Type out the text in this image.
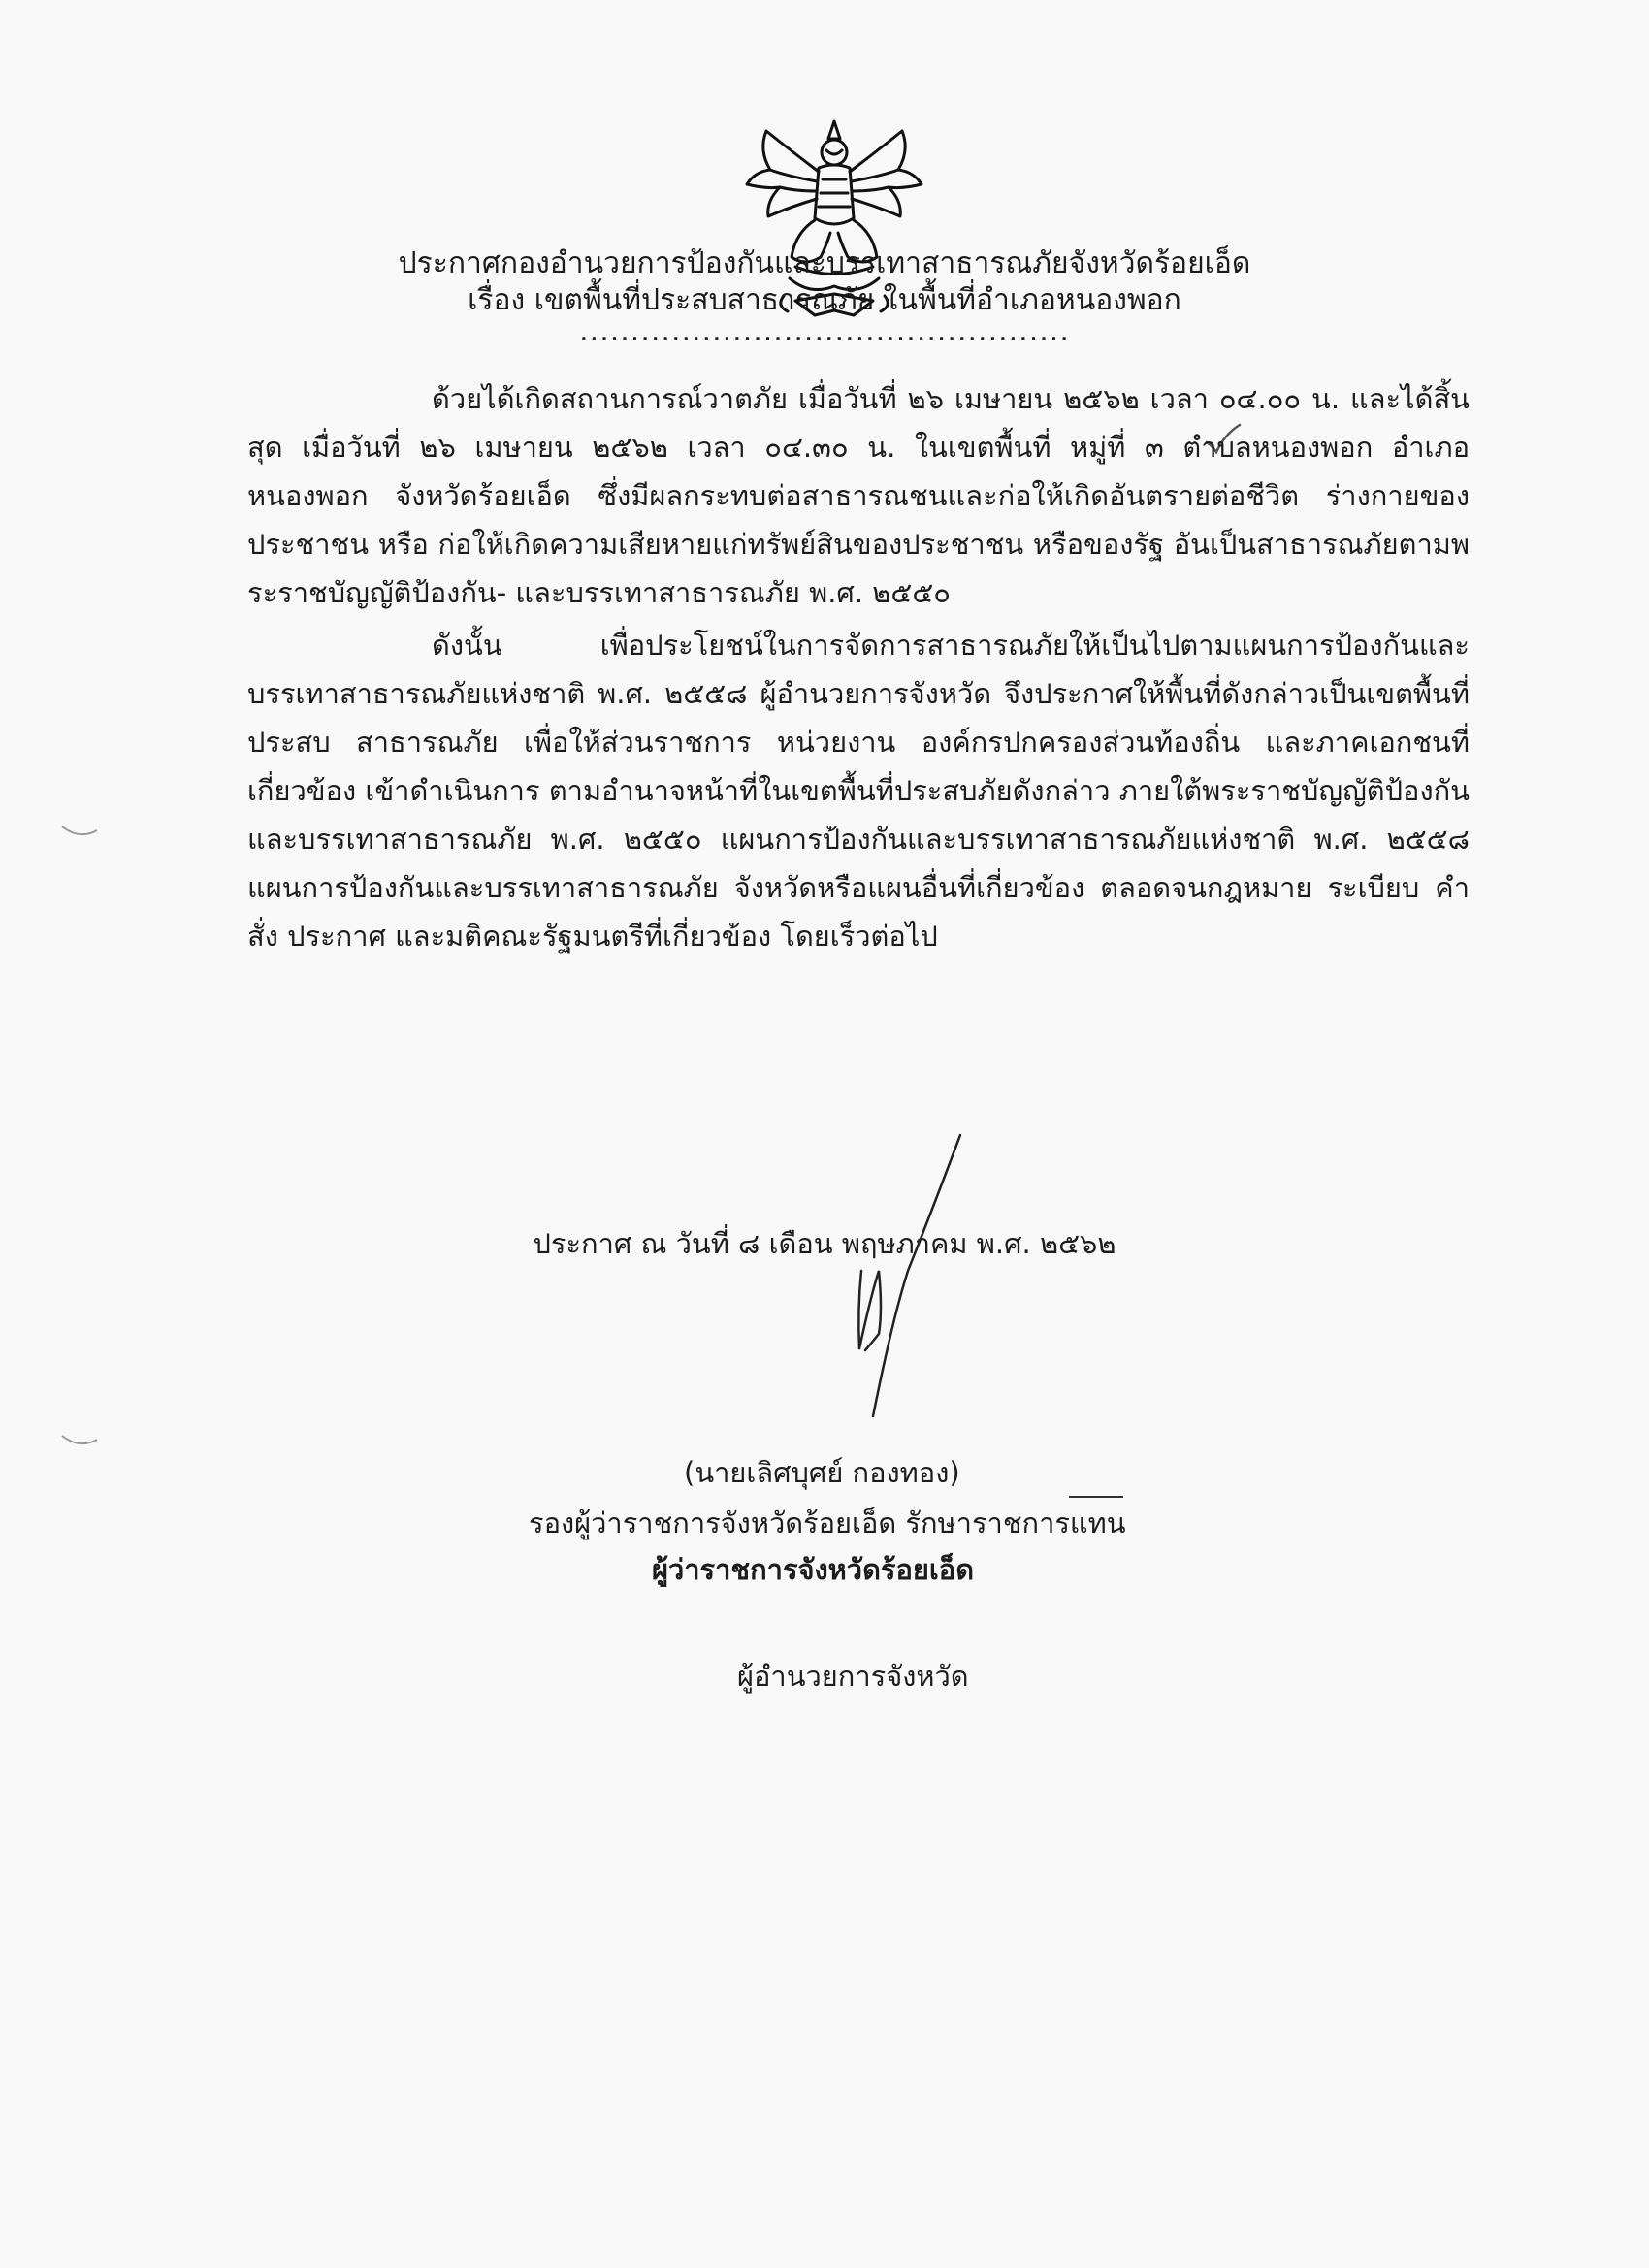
ประกาศกองอำนวยการป้องกันและบรรเทาสาธารณภัยจังหวัดร้อยเอ็ด
เรื่อง เขตพื้นที่ประสบสาธารณภัย ในพื้นที่อำเภอหนองพอก
................................................
ด้วยได้เกิดสถานการณ์วาตภัย เมื่อวันที่ ๒๖ เมษายน ๒๕๖๒ เวลา ๐๔.๐๐ น. และได้สิ้นสุด เมื่อวันที่ ๒๖ เมษายน ๒๕๖๒ เวลา ๐๔.๓๐ น. ในเขตพื้นที่ หมู่ที่ ๓ ตำบลหนองพอก อำเภอหนองพอก จังหวัดร้อยเอ็ด ซึ่งมีผลกระทบต่อสาธารณชนและก่อให้เกิดอันตรายต่อชีวิต ร่างกายของประชาชน หรือ ก่อให้เกิดความเสียหายแก่ทรัพย์สินของประชาชน หรือของรัฐ อันเป็นสาธารณภัยตามพระราชบัญญัติป้องกัน- และบรรเทาสาธารณภัย พ.ศ. ๒๕๕๐
ดังนั้น เพื่อประโยชน์ในการจัดการสาธารณภัยให้เป็นไปตามแผนการป้องกันและ บรรเทาสาธารณภัยแห่งชาติ พ.ศ. ๒๕๕๘ ผู้อำนวยการจังหวัด จึงประกาศให้พื้นที่ดังกล่าวเป็นเขตพื้นที่ประสบ สาธารณภัย เพื่อให้ส่วนราชการ หน่วยงาน องค์กรปกครองส่วนท้องถิ่น และภาคเอกชนที่เกี่ยวข้อง เข้าดำเนินการ ตามอำนาจหน้าที่ในเขตพื้นที่ประสบภัยดังกล่าว ภายใต้พระราชบัญญัติป้องกันและบรรเทาสาธารณภัย พ.ศ. ๒๕๕๐ แผนการป้องกันและบรรเทาสาธารณภัยแห่งชาติ พ.ศ. ๒๕๕๘ แผนการป้องกันและบรรเทาสาธารณภัย จังหวัดหรือแผนอื่นที่เกี่ยวข้อง ตลอดจนกฎหมาย ระเบียบ คำสั่ง ประกาศ และมติคณะรัฐมนตรีที่เกี่ยวข้อง โดยเร็วต่อไป
ประกาศ ณ วันที่ ๘ เดือน พฤษภาคม พ.ศ. ๒๕๖๒
(นายเลิศบุศย์ กองทอง)
รองผู้ว่าราชการจังหวัดร้อยเอ็ด รักษาราชการแทน
ผู้ว่าราชการจังหวัดร้อยเอ็ด
ผู้อำนวยการจังหวัด
